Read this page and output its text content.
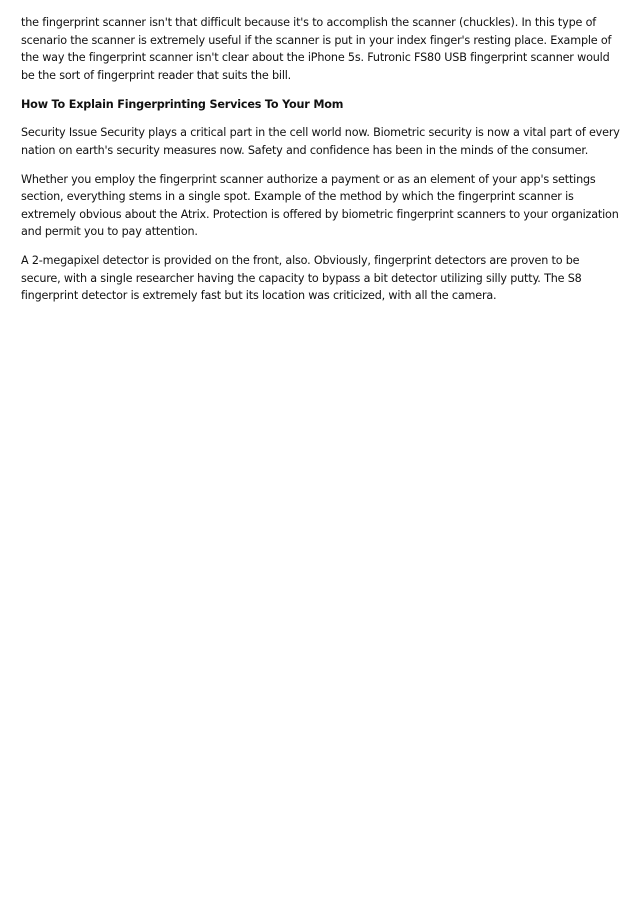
the fingerprint scanner isn't that difficult because it's to accomplish the scanner (chuckles). In this type of scenario the scanner is extremely useful if the scanner is put in your index finger's resting place. Example of the way the fingerprint scanner isn't clear about the iPhone 5s. Futronic FS80 USB fingerprint scanner would be the sort of fingerprint reader that suits the bill.

How To Explain Fingerprinting Services To Your Mom

Security Issue Security plays a critical part in the cell world now. Biometric security is now a vital part of every nation on earth's security measures now. Safety and confidence has been in the minds of the consumer.

Whether you employ the fingerprint scanner authorize a payment or as an element of your app's settings section, everything stems in a single spot. Example of the method by which the fingerprint scanner is extremely obvious about the Atrix. Protection is offered by biometric fingerprint scanners to your organization and permit you to pay attention.

A 2-megapixel detector is provided on the front, also. Obviously, fingerprint detectors are proven to be secure, with a single researcher having the capacity to bypass a bit detector utilizing silly putty. The S8 fingerprint detector is extremely fast but its location was criticized, with all the camera.
